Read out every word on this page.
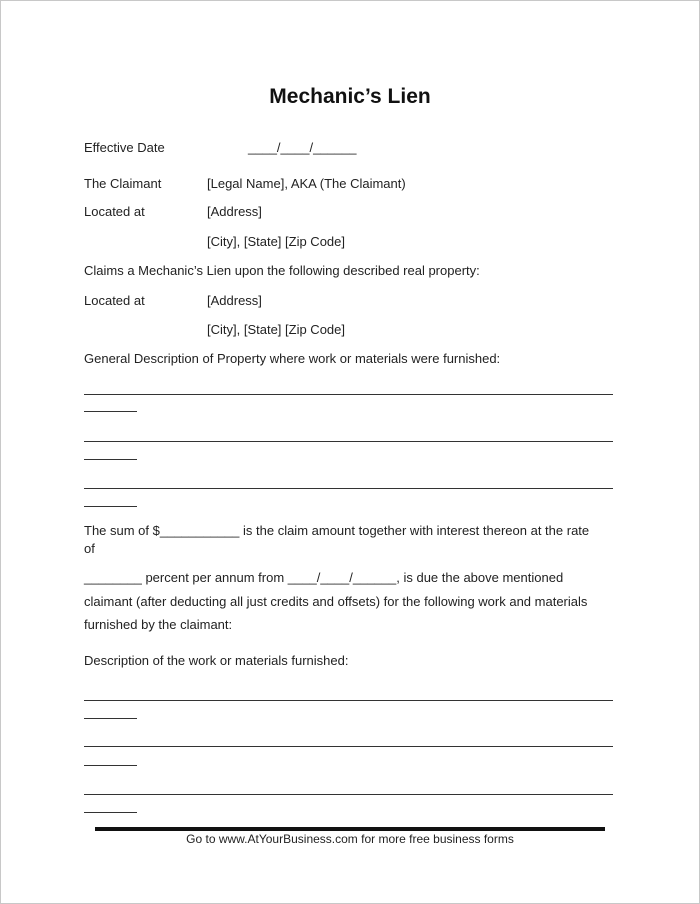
Mechanic’s Lien
Effective Date	____/____/______
The Claimant	[Legal Name], AKA (The Claimant)
Located at	[Address]
[City], [State] [Zip Code]
Claims a Mechanic’s Lien upon the following described real property:
Located at	[Address]
[City], [State] [Zip Code]
General Description of Property where work or materials were furnished:
The sum of $___________ is the claim amount together with interest thereon at the rate
of
________ percent per annum from ____/____/______, is due the above mentioned
claimant (after deducting all just credits and offsets) for the following work and materials
furnished by the claimant:
Description of the work or materials furnished:
Go to www.AtYourBusiness.com for more free business forms
